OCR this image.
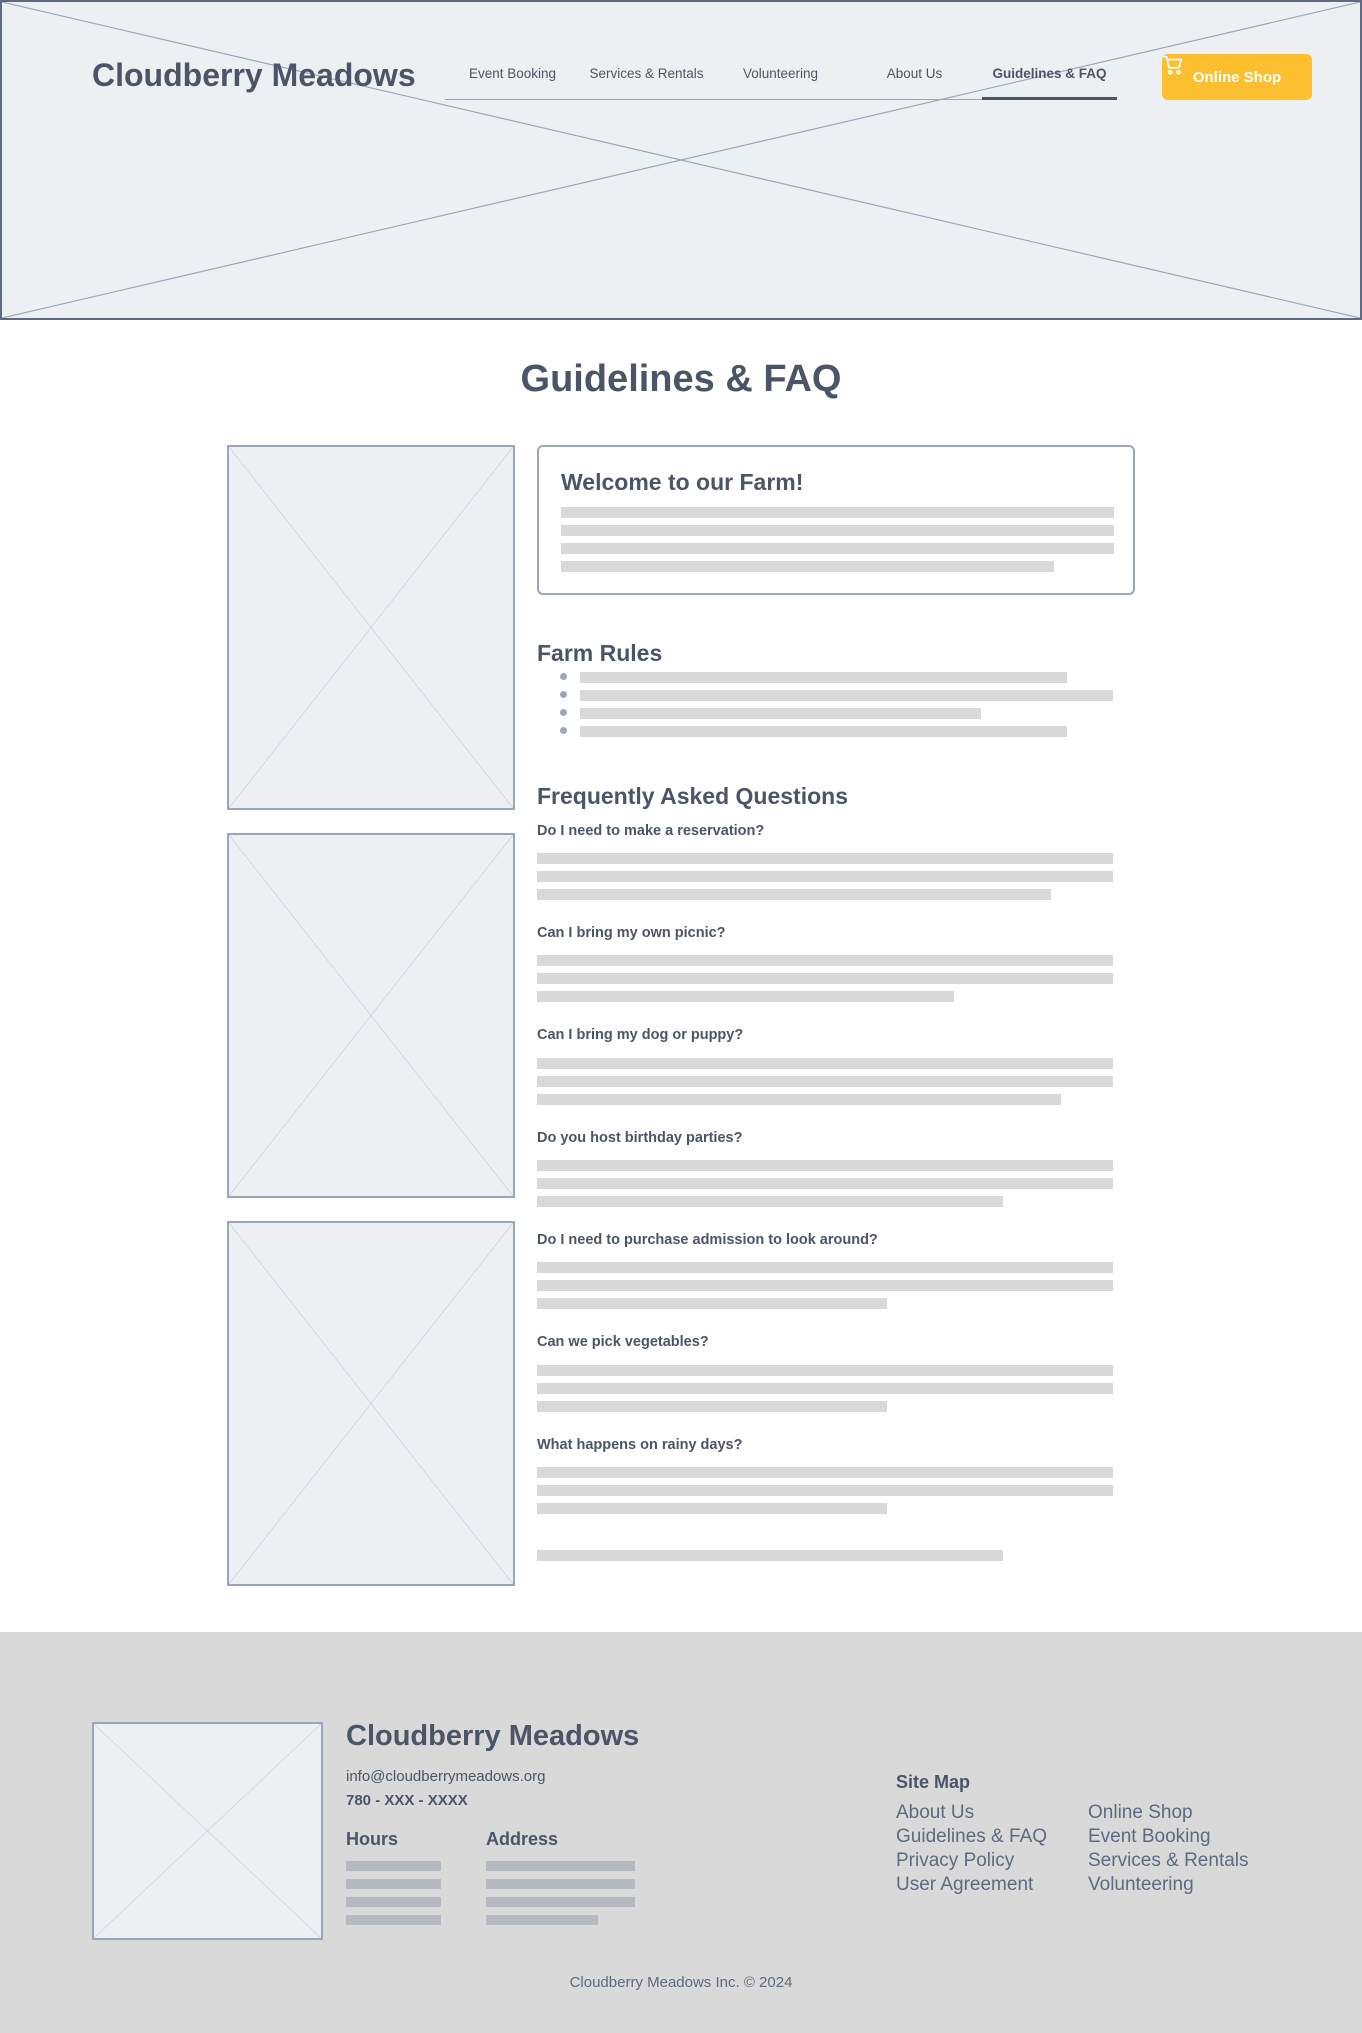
Cloudberry Meadows	Event Booking	Services & Rentals	Volunteering	About Us	Guidelines & FAQ	Online Shop
Guidelines & FAQ
Welcome to our Farm!
Farm Rules
Frequently Asked Questions
Do I need to make a reservation?
Can I bring my own picnic?
Can I bring my dog or puppy?
Do you host birthday parties?
Do I need to purchase admission to look around?
Can we pick vegetables?
What happens on rainy days?
Cloudberry Meadows
info@cloudberrymeadows.org
780 - XXX - XXXX
Hours	Address
Site Map
About Us
Guidelines & FAQ
Privacy Policy
User Agreement
Online Shop
Event Booking
Services & Rentals
Volunteering
Cloudberry Meadows Inc. © 2024
